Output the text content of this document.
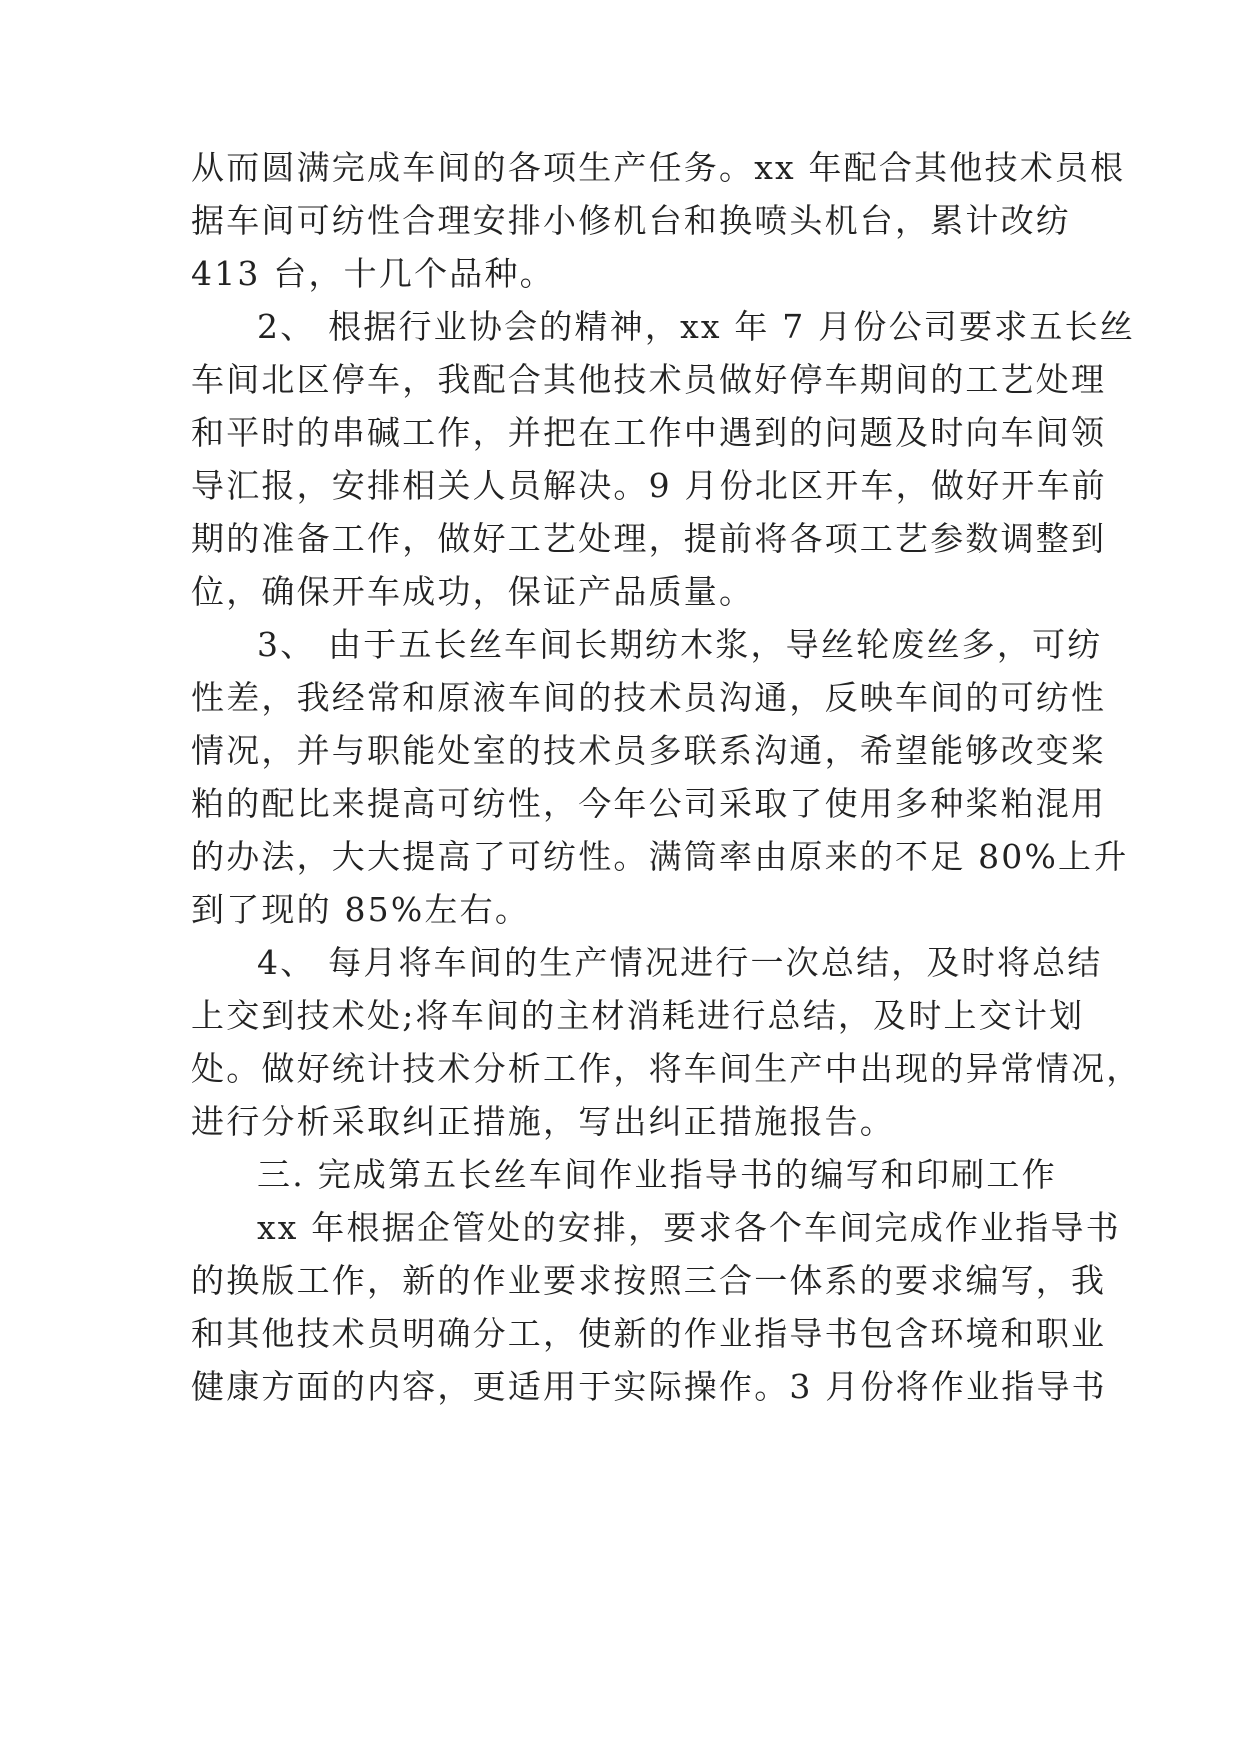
从而圆满完成车间的各项生产任务。xx 年配合其他技术员根
据车间可纺性合理安排小修机台和换喷头机台，累计改纺
413 台，十几个品种。
2、 根据行业协会的精神，xx 年 7 月份公司要求五长丝
车间北区停车，我配合其他技术员做好停车期间的工艺处理
和平时的串碱工作，并把在工作中遇到的问题及时向车间领
导汇报，安排相关人员解决。9 月份北区开车，做好开车前
期的准备工作，做好工艺处理，提前将各项工艺参数调整到
位，确保开车成功，保证产品质量。
3、 由于五长丝车间长期纺木浆，导丝轮废丝多，可纺
性差，我经常和原液车间的技术员沟通，反映车间的可纺性
情况，并与职能处室的技术员多联系沟通，希望能够改变桨
粕的配比来提高可纺性，今年公司采取了使用多种桨粕混用
的办法，大大提高了可纺性。满筒率由原来的不足 80%上升
到了现的 85%左右。
4、 每月将车间的生产情况进行一次总结，及时将总结
上交到技术处;将车间的主材消耗进行总结，及时上交计划
处。做好统计技术分析工作，将车间生产中出现的异常情况，
进行分析采取纠正措施，写出纠正措施报告。
三. 完成第五长丝车间作业指导书的编写和印刷工作
xx 年根据企管处的安排，要求各个车间完成作业指导书
的换版工作，新的作业要求按照三合一体系的要求编写，我
和其他技术员明确分工，使新的作业指导书包含环境和职业
健康方面的内容，更适用于实际操作。3 月份将作业指导书
